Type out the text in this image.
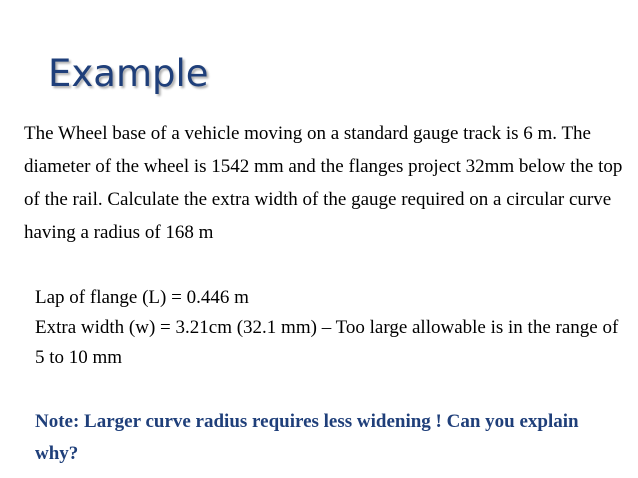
Example

The Wheel base of a vehicle moving on a standard gauge track is 6 m. The diameter of the wheel is 1542 mm and the flanges project 32mm below the top of the rail. Calculate the extra width of the gauge required on a circular curve having a radius of 168 m

Lap of flange (L) = 0.446 m
Extra width (w) = 3.21cm (32.1 mm) – Too large allowable is in the range of 5 to 10 mm

Note: Larger curve radius requires less widening ! Can you explain why?
